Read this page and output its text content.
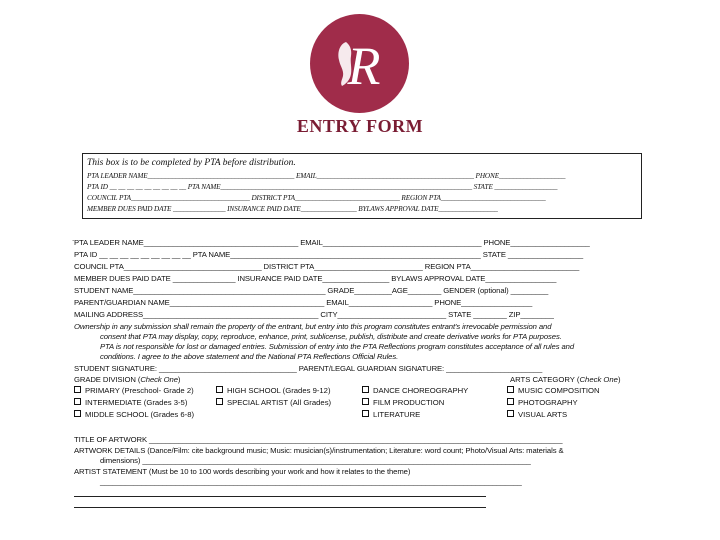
R
ENTRY FORM
This box is to be completed by PTA before distribution.
PTA LEADER NAME__________________________________________ EMAIL_____________________________________________ PHONE___________________
PTA ID __ __ __ __ __ __ __ __ __ PTA NAME________________________________________________________________________ STATE __________________
COUNCIL PTA__________________________________ DISTRICT PTA______________________________ REGION PTA______________________________
MEMBER DUES PAID DATE _______________ INSURANCE PAID DATE________________ BYLAWS APPROVAL DATE_________________
. PTA LEADER NAME_____________________________________ EMAIL______________________________________ PHONE___________________
PTA ID __ __ __ __ __ __ __ __ __ PTA NAME____________________________________________________________ STATE __________________
COUNCIL PTA_________________________________ DISTRICT PTA__________________________ REGION PTA__________________________
MEMBER DUES PAID DATE _______________ INSURANCE PAID DATE________________ BYLAWS APPROVAL DATE_________________
STUDENT NAME______________________________________________ GRADE_________AGE________ GENDER (optional) _________
PARENT/GUARDIAN NAME_____________________________________ EMAIL____________________ PHONE_________________
MAILING ADDRESS__________________________________________ CITY__________________________ STATE ________ ZIP________
Ownership in any submission shall remain the property of the entrant, but entry into this program constitutes entrant's irrevocable permission and
consent that PTA may display, copy, reproduce, enhance, print, sublicense, publish, distribute and create derivative works for PTA purposes.
PTA is not responsible for lost or damaged entries. Submission of entry into the PTA Reflections program constitutes acceptance of all rules and
conditions. I agree to the above statement and the National PTA Reflections Official Rules.
STUDENT SIGNATURE: _________________________________ PARENT/LEGAL GUARDIAN SIGNATURE: _______________________
GRADE DIVISION (Check One)	ARTS CATEGORY (Check One)
PRIMARY (Preschool- Grade 2)
INTERMEDIATE (Grades 3-5)
MIDDLE SCHOOL (Grades 6-8)
HIGH SCHOOL (Grades 9-12)
SPECIAL ARTIST (All Grades)
DANCE CHOREOGRAPHY
FILM PRODUCTION
LITERATURE
MUSIC COMPOSITION
PHOTOGRAPHY
VISUAL ARTS
TITLE OF ARTWORK ___________________________________________________________________________________________________
ARTWORK DETAILS (Dance/Film: cite background music; Music: musician(s)/instrumentation; Literature: word count; Photo/Visual Arts: materials &
dimensions) _____________________________________________________________________________________________
ARTIST STATEMENT (Must be 10 to 100 words describing your work and how it relates to the theme)
_____________________________________________________________________________________________________
